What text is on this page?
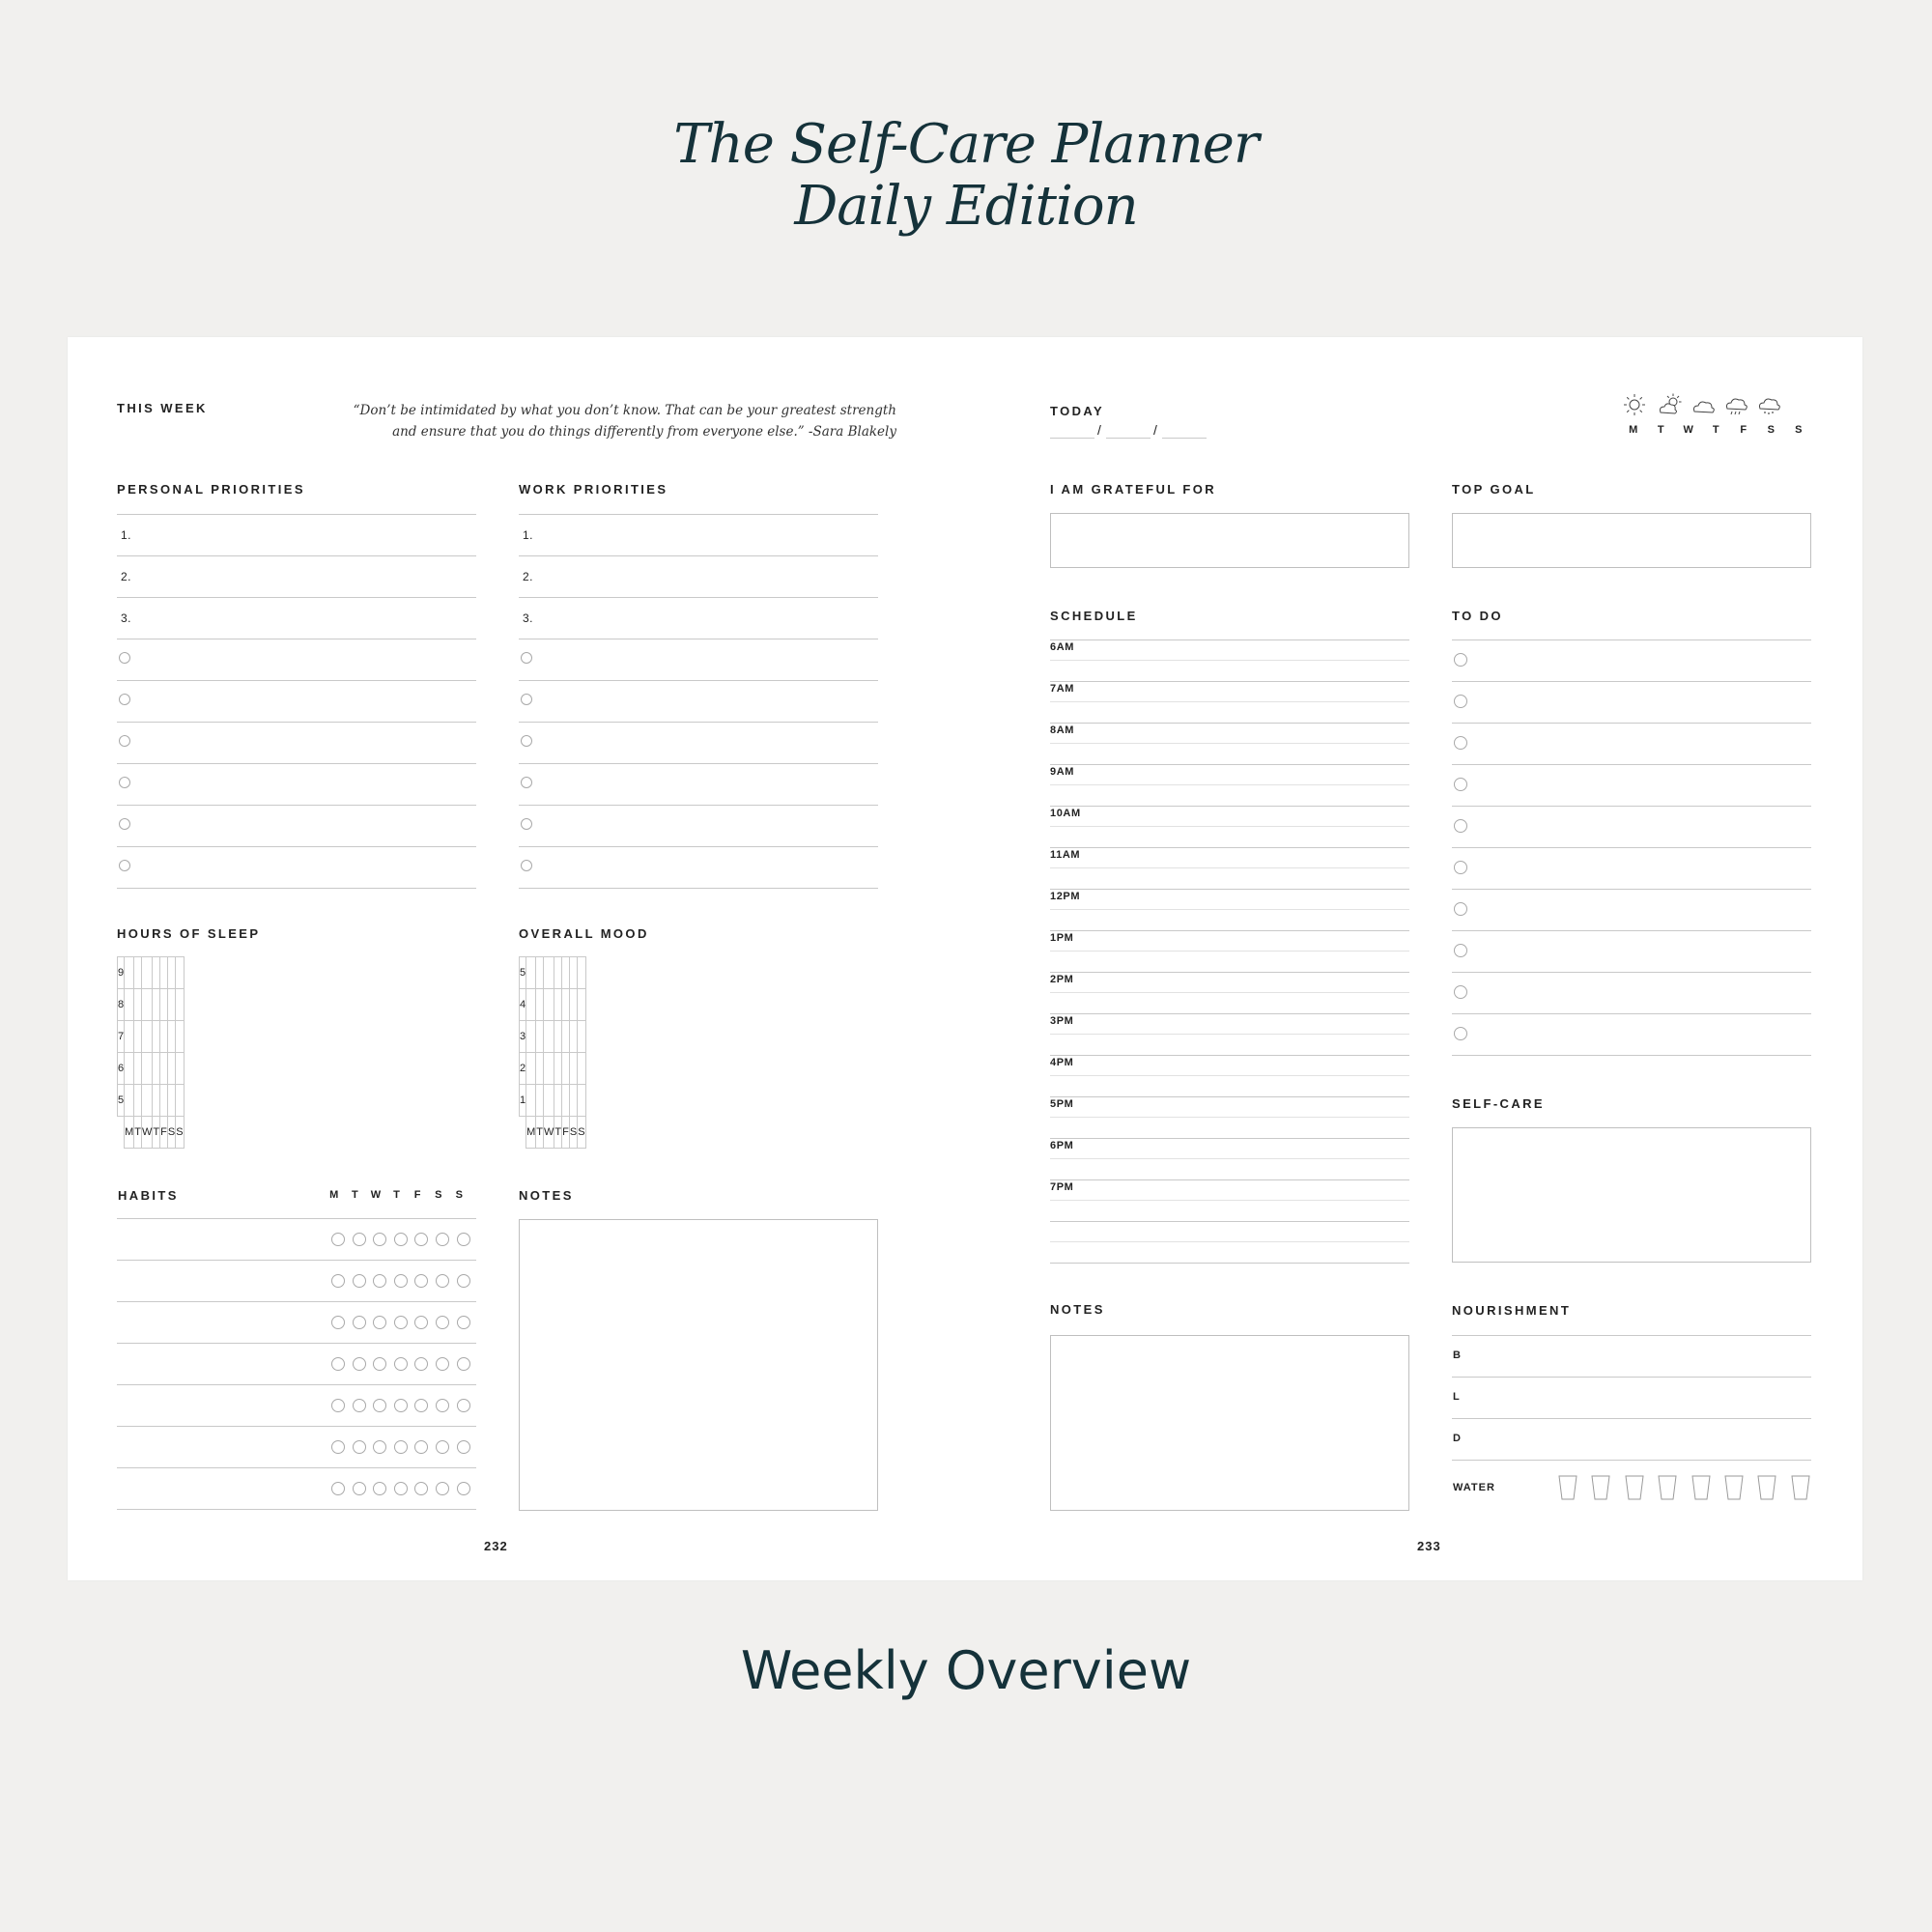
The Self-Care Planner
Daily Edition
THIS WEEK	“Don’t be intimidated by what you don’t know. That can be your greatest strength
and ensure that you do things differently from everyone else.” -Sara Blakely
PERSONAL PRIORITIES	WORK PRIORITIES
1.
2.
3.
1.
2.
3.
HOURS OF SLEEP	OVERALL MOOD
9							
8							
7							
6							
5							
	M	T	W	T	F	S	S
5							
4							
3							
2							
1							
	M	T	W	T	F	S	S
HABITS	M	T	W	T	F	S S	NOTES
232
TODAY
/	/	M	T	W	T	F	S S
I AM GRATEFUL FOR	TOP GOAL
SCHEDULE
6AM
7AM
8AM
9AM
10AM
11AM
12PM
1PM
2PM
3PM
4PM
5PM
6PM
7PM
TO DO
SELF-CARE
NOTES	NOURISHMENT
B
L
D
WATER
233
Weekly Overview
